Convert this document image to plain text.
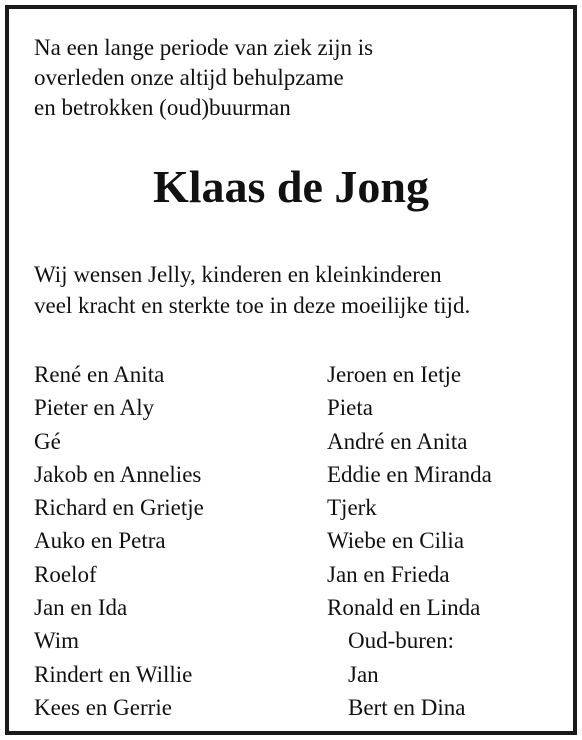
Na een lange periode van ziek zijn is
overleden onze altijd behulpzame
en betrokken (oud)buurman
Klaas de Jong
Wij wensen Jelly, kinderen en kleinkinderen
veel kracht en sterkte toe in deze moeilijke tijd.
René en Anita
Pieter en Aly
Gé
Jakob en Annelies
Richard en Grietje
Auko en Petra
Roelof
Jan en Ida
Wim
Rindert en Willie
Kees en Gerrie
Jeroen en Ietje
Pieta
André en Anita
Eddie en Miranda
Tjerk
Wiebe en Cilia
Jan en Frieda
Ronald en Linda
Oud-buren:
Jan
Bert en Dina
